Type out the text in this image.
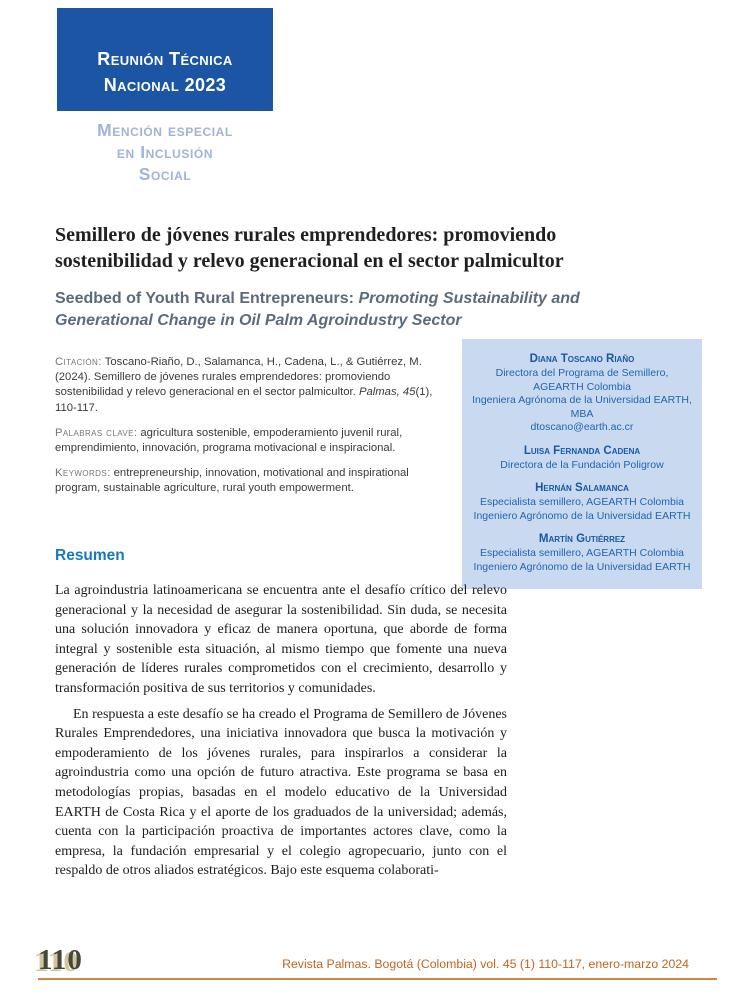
Reunión Técnica
Nacional 2023
Mención especial
en Inclusión
Social
Semillero de jóvenes rurales emprendedores: promoviendo sostenibilidad y relevo generacional en el sector palmicultor
Seedbed of Youth Rural Entrepreneurs: Promoting Sustainability and Generational Change in Oil Palm Agroindustry Sector

Citación: Toscano-Riaño, D., Salamanca, H., Cadena, L., & Gutiérrez, M. (2024). Semillero de jóvenes rurales emprendedores: promoviendo sostenibilidad y relevo generacional en el sector palmicultor. Palmas, 45(1), 110-117.

Palabras clave: agricultura sostenible, empoderamiento juvenil rural, emprendimiento, innovación, programa motivacional e inspiracional.

Keywords: entrepreneurship, innovation, motivational and inspirational program, sustainable agriculture, rural youth empowerment.

Diana Toscano Riaño
Directora del Programa de Semillero, AGEARTH Colombia
Ingeniera Agrónoma de la Universidad EARTH, MBA
dtoscano@earth.ac.cr
Luisa Fernanda Cadena
Directora de la Fundación Poligrow
Hernán Salamanca
Especialista semillero, AGEARTH Colombia
Ingeniero Agrónomo de la Universidad EARTH
Martín Gutiérrez
Especialista semillero, AGEARTH Colombia
Ingeniero Agrónomo de la Universidad EARTH
Resumen

La agroindustria latinoamericana se encuentra ante el desafío crítico del relevo generacional y la necesidad de asegurar la sostenibilidad. Sin duda, se necesita una solución innovadora y eficaz de manera oportuna, que aborde de forma integral y sostenible esta situación, al mismo tiempo que fomente una nueva generación de líderes rurales comprometidos con el crecimiento, desarrollo y transformación positiva de sus territorios y comunidades.

En respuesta a este desafío se ha creado el Programa de Semillero de Jóvenes Rurales Emprendedores, una iniciativa innovadora que busca la motivación y empoderamiento de los jóvenes rurales, para inspirarlos a considerar la agroindustria como una opción de futuro atractiva. Este programa se basa en metodologías propias, basadas en el modelo educativo de la Universidad EARTH de Costa Rica y el aporte de los graduados de la universidad; además, cuenta con la participación proactiva de importantes actores clave, como la empresa, la fundación empresarial y el colegio agropecuario, junto con el respaldo de otros aliados estratégicos. Bajo este esquema colaborati-

110	Revista Palmas. Bogotá (Colombia) vol. 45 (1) 110-117, enero-marzo 2024
